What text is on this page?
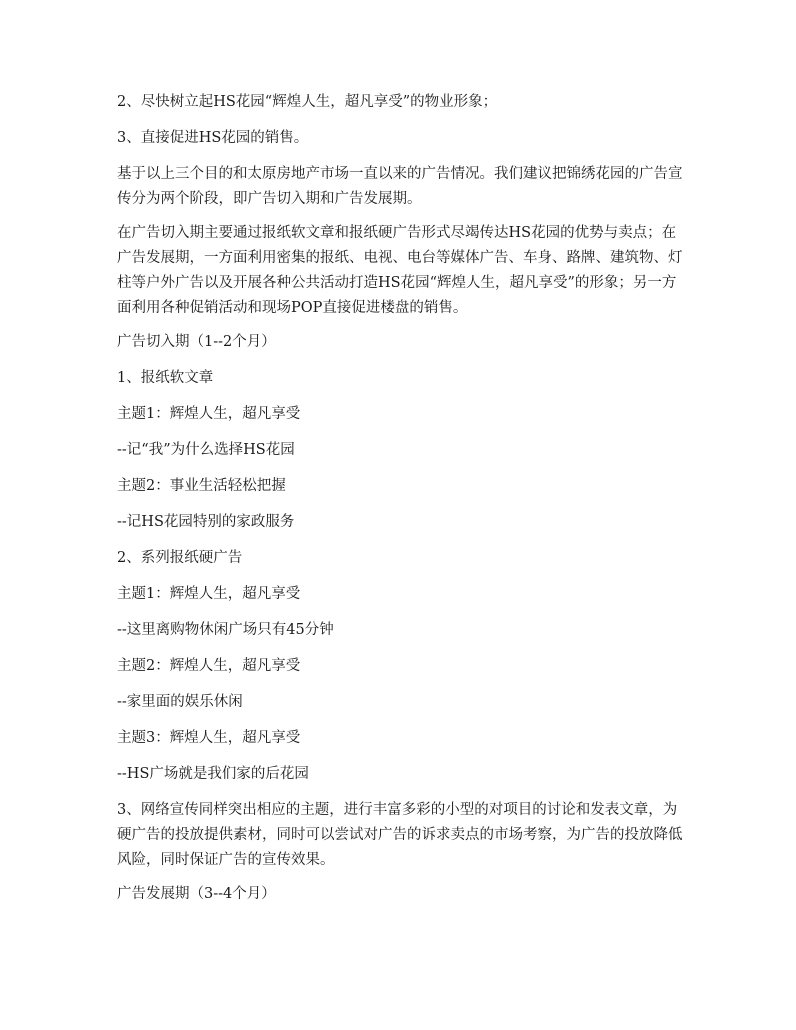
2、尽快树立起HS花园“辉煌人生，超凡享受”的物业形象；

3、直接促进HS花园的销售。

基于以上三个目的和太原房地产市场一直以来的广告情况。我们建议把锦绣花园的广告宣传分为两个阶段，即广告切入期和广告发展期。

在广告切入期主要通过报纸软文章和报纸硬广告形式尽竭传达HS花园的优势与卖点；在广告发展期，一方面利用密集的报纸、电视、电台等媒体广告、车身、路牌、建筑物、灯柱等户外广告以及开展各种公共活动打造HS花园“辉煌人生，超凡享受”的形象；另一方面利用各种促销活动和现场POP直接促进楼盘的销售。

广告切入期（1--2个月）

1、报纸软文章

主题1：辉煌人生，超凡享受

--记“我”为什么选择HS花园

主题2：事业生活轻松把握

--记HS花园特别的家政服务

2、系列报纸硬广告

主题1：辉煌人生，超凡享受

--这里离购物休闲广场只有45分钟

主题2：辉煌人生，超凡享受

--家里面的娱乐休闲

主题3：辉煌人生，超凡享受

--HS广场就是我们家的后花园

3、网络宣传同样突出相应的主题，进行丰富多彩的小型的对项目的讨论和发表文章，为硬广告的投放提供素材，同时可以尝试对广告的诉求卖点的市场考察，为广告的投放降低风险，同时保证广告的宣传效果。

广告发展期（3--4个月）
